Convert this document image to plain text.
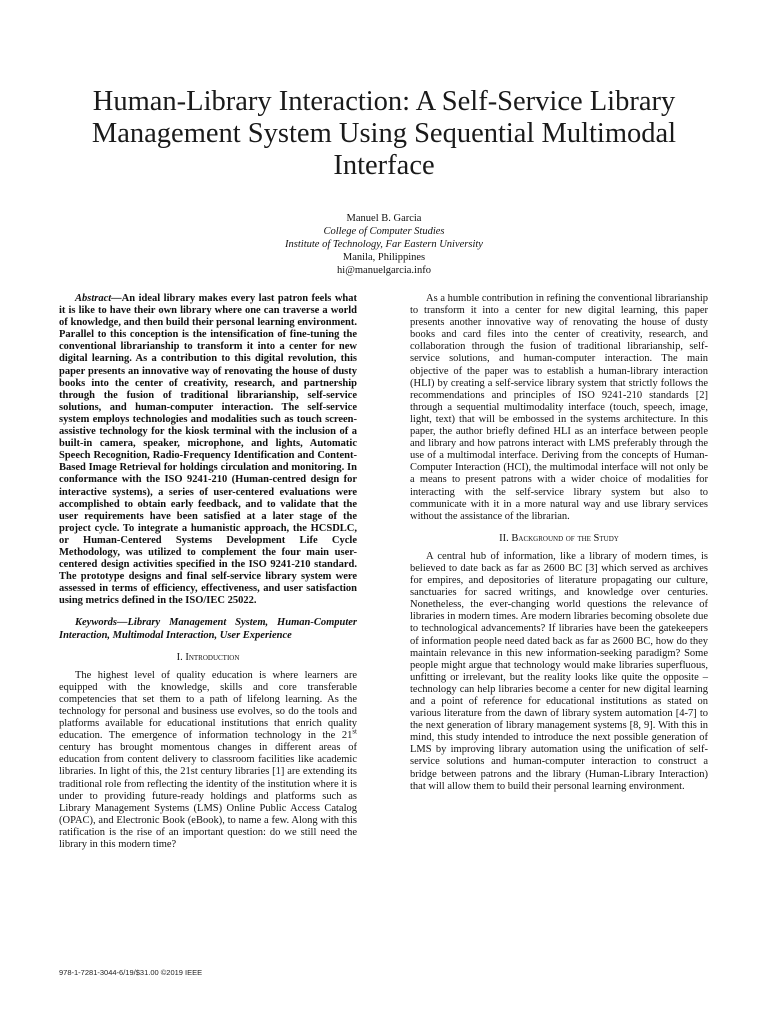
Human-Library Interaction: A Self-Service Library Management System Using Sequential Multimodal Interface
Manuel B. Garcia
College of Computer Studies
Institute of Technology, Far Eastern University
Manila, Philippines
hi@manuelgarcia.info

Abstract—An ideal library makes every last patron feels what it is like to have their own library where one can traverse a world of knowledge, and then build their personal learning environment. Parallel to this conception is the intensification of fine-tuning the conventional librarianship to transform it into a center for new digital learning. As a contribution to this digital revolution, this paper presents an innovative way of renovating the house of dusty books into the center of creativity, research, and partnership through the fusion of traditional librarianship, self-service solutions, and human-computer interaction. The self-service system employs technologies and modalities such as touch screen-assistive technology for the kiosk terminal with the inclusion of a built-in camera, speaker, microphone, and lights, Automatic Speech Recognition, Radio-Frequency Identification and Content-Based Image Retrieval for holdings circulation and monitoring. In conformance with the ISO 9241-210 (Human-centred design for interactive systems), a series of user-centered evaluations were accomplished to obtain early feedback, and to validate that the user requirements have been satisfied at a later stage of the project cycle. To integrate a humanistic approach, the HCSDLC, or Human-Centered Systems Development Life Cycle Methodology, was utilized to complement the four main user-centered design activities specified in the ISO 9241-210 standard. The prototype designs and final self-service library system were assessed in terms of efficiency, effectiveness, and user satisfaction using metrics defined in the ISO/IEC 25022.

Keywords—Library Management System, Human-Computer Interaction, Multimodal Interaction, User Experience

I. Introduction

The highest level of quality education is where learners are equipped with the knowledge, skills and core transferable competencies that set them to a path of lifelong learning. As the technology for personal and business use evolves, so do the tools and platforms available for educational institutions that enrich quality education. The emergence of information technology in the 21st century has brought momentous changes in different areas of education from content delivery to classroom facilities like academic libraries. In light of this, the 21st century libraries [1] are extending its traditional role from reflecting the identity of the institution where it is under to providing future-ready holdings and platforms such as Library Management Systems (LMS) Online Public Access Catalog (OPAC), and Electronic Book (eBook), to name a few. Along with this ratification is the rise of an important question: do we still need the library in this modern time?

As a humble contribution in refining the conventional librarianship to transform it into a center for new digital learning, this paper presents another innovative way of renovating the house of dusty books and card files into the center of creativity, research, and collaboration through the fusion of traditional librarianship, self-service solutions, and human-computer interaction. The main objective of the paper was to establish a human-library interaction (HLI) by creating a self-service library system that strictly follows the recommendations and principles of ISO 9241-210 standards [2] through a sequential multimodality interface (touch, speech, image, light, text) that will be embossed in the systems architecture. In this paper, the author briefly defined HLI as an interface between people and library and how patrons interact with LMS preferably through the use of a multimodal interface. Deriving from the concepts of Human-Computer Interaction (HCI), the multimodal interface will not only be a means to present patrons with a wider choice of modalities for interacting with the self-service library system but also to communicate with it in a more natural way and use library services without the assistance of the librarian.

II. Background of the Study

A central hub of information, like a library of modern times, is believed to date back as far as 2600 BC [3] which served as archives for empires, and depositories of literature propagating our culture, sanctuaries for sacred writings, and knowledge over centuries. Nonetheless, the ever-changing world questions the relevance of libraries in modern times. Are modern libraries becoming obsolete due to technological advancements? If libraries have been the gatekeepers of information people need dated back as far as 2600 BC, how do they maintain relevance in this new information-seeking paradigm? Some people might argue that technology would make libraries superfluous, unfitting or irrelevant, but the reality looks like quite the opposite – technology can help libraries become a center for new digital learning and a point of reference for educational institutions as stated on various literature from the dawn of library system automation [4-7] to the next generation of library management systems [8, 9]. With this in mind, this study intended to introduce the next possible generation of LMS by improving library automation using the unification of self-service solutions and human-computer interaction to construct a bridge between patrons and the library (Human-Library Interaction) that will allow them to build their personal learning environment.

978-1-7281-3044-6/19/$31.00 ©2019 IEEE
